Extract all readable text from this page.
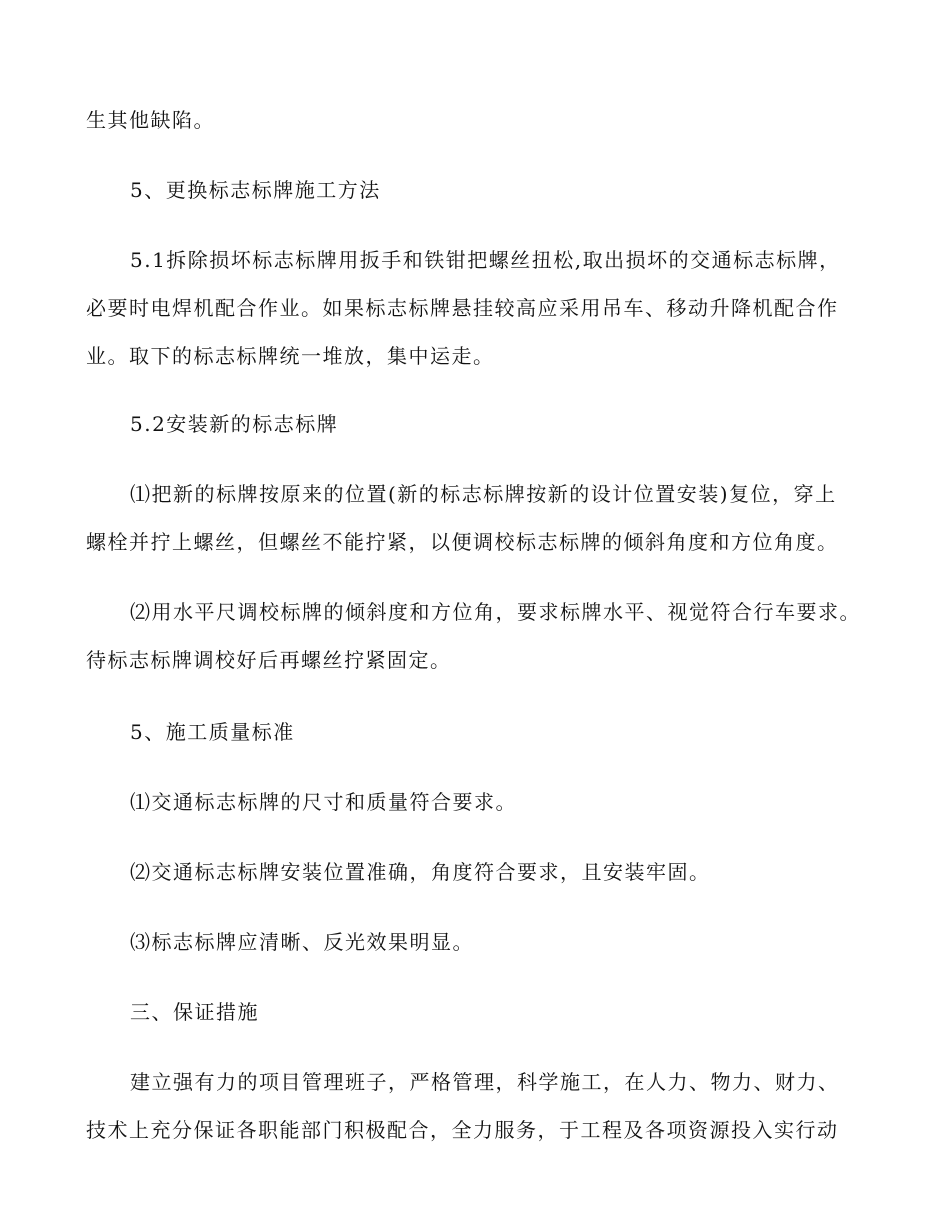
生其他缺陷。
5、更换标志标牌施工方法
5.1拆除损坏标志标牌用扳手和铁钳把螺丝扭松,取出损坏的交通标志标牌，
必要时电焊机配合作业。如果标志标牌悬挂较高应采用吊车、移动升降机配合作
业。取下的标志标牌统一堆放，集中运走。
5.2安装新的标志标牌
⑴把新的标牌按原来的位置(新的标志标牌按新的设计位置安装)复位，穿上
螺栓并拧上螺丝，但螺丝不能拧紧，以便调校标志标牌的倾斜角度和方位角度。
⑵用水平尺调校标牌的倾斜度和方位角，要求标牌水平、视觉符合行车要求。
待标志标牌调校好后再螺丝拧紧固定。
5、施工质量标准
⑴交通标志标牌的尺寸和质量符合要求。
⑵交通标志标牌安装位置准确，角度符合要求，且安装牢固。
⑶标志标牌应清晰、反光效果明显。
三、保证措施
建立强有力的项目管理班子，严格管理，科学施工，在人力、物力、财力、
技术上充分保证各职能部门积极配合，全力服务，于工程及各项资源投入实行动
